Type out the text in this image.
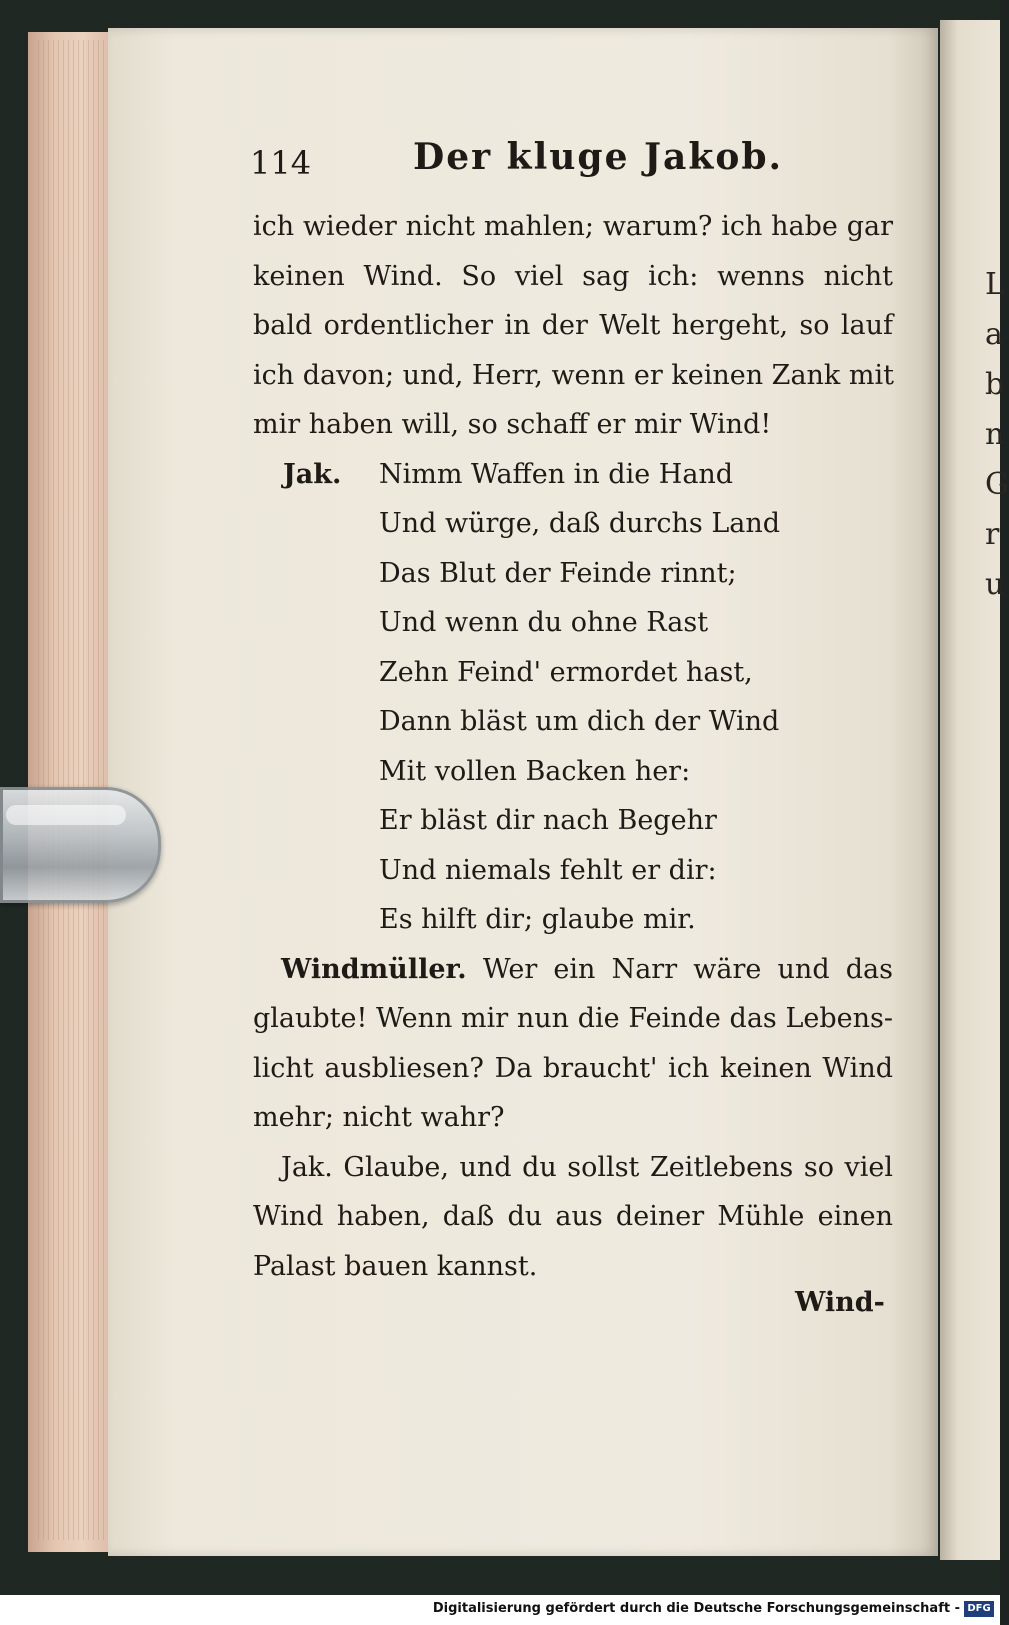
L
a
b
n
G
r
u
114	Der kluge Jakob.
ich wieder nicht mahlen; warum? ich habe gar
keinen Wind. So viel sag ich: wenns nicht
bald ordentlicher in der Welt hergeht, so lauf
ich davon; und, Herr, wenn er keinen Zank mit
mir haben will, so schaff er mir Wind!
Jak. Nimm Waffen in die Hand
Und würge, daß durchs Land
Das Blut der Feinde rinnt;
Und wenn du ohne Rast
Zehn Feind' ermordet hast,
Dann bläst um dich der Wind
Mit vollen Backen her:
Er bläst dir nach Begehr
Und niemals fehlt er dir:
Es hilft dir; glaube mir.
Windmüller. Wer ein Narr wäre und das
glaubte! Wenn mir nun die Feinde das Lebens-
licht ausbliesen? Da braucht' ich keinen Wind
mehr; nicht wahr?
Jak. Glaube, und du sollst Zeitlebens so viel
Wind haben, daß du aus deiner Mühle einen
Palast bauen kannst.
Wind-
Digitalisierung gefördert durch die Deutsche Forschungsgemeinschaft - DFG
